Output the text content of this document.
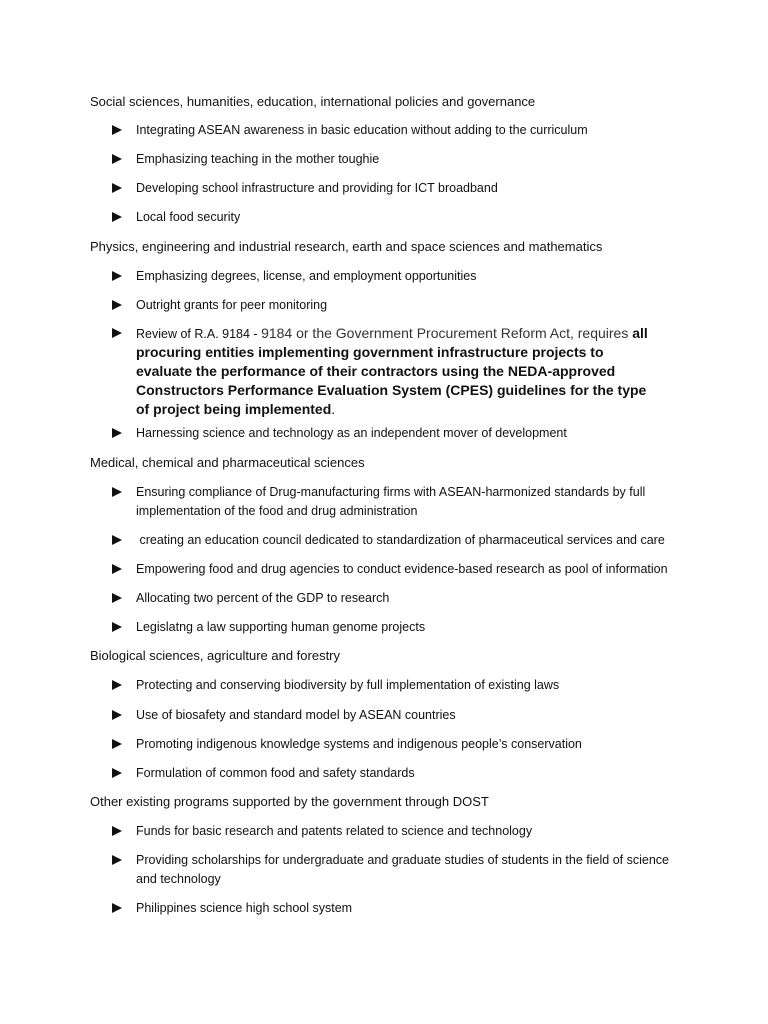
Social sciences, humanities, education, international policies and governance
Integrating ASEAN awareness in basic education without adding to the curriculum
Emphasizing teaching in the mother toughie
Developing school infrastructure and providing for ICT broadband
Local food security
Physics, engineering and industrial research, earth and space sciences and mathematics
Emphasizing degrees, license, and employment opportunities
Outright grants for peer monitoring
Review of R.A. 9184 - 9184 or the Government Procurement Reform Act, requires all procuring entities implementing government infrastructure projects to evaluate the performance of their contractors using the NEDA-approved Constructors Performance Evaluation System (CPES) guidelines for the type of project being implemented.
Harnessing science and technology as an independent mover of development
Medical, chemical and pharmaceutical sciences
Ensuring compliance of Drug-manufacturing firms with ASEAN-harmonized standards by full implementation of the food and drug administration
creating an education council dedicated to standardization of pharmaceutical services and care
Empowering food and drug agencies to conduct evidence-based research as pool of information
Allocating two percent of the GDP to research
Legislatng a law supporting human genome projects
Biological sciences, agriculture and forestry
Protecting and conserving biodiversity by full implementation of existing laws
Use of biosafety and standard model by ASEAN countries
Promoting indigenous knowledge systems and indigenous people’s conservation
Formulation of common food and safety standards
Other existing programs supported by the government through DOST
Funds for basic research and patents related to science and technology
Providing scholarships for undergraduate and graduate studies of students in the field of science and technology
Philippines science high school system
